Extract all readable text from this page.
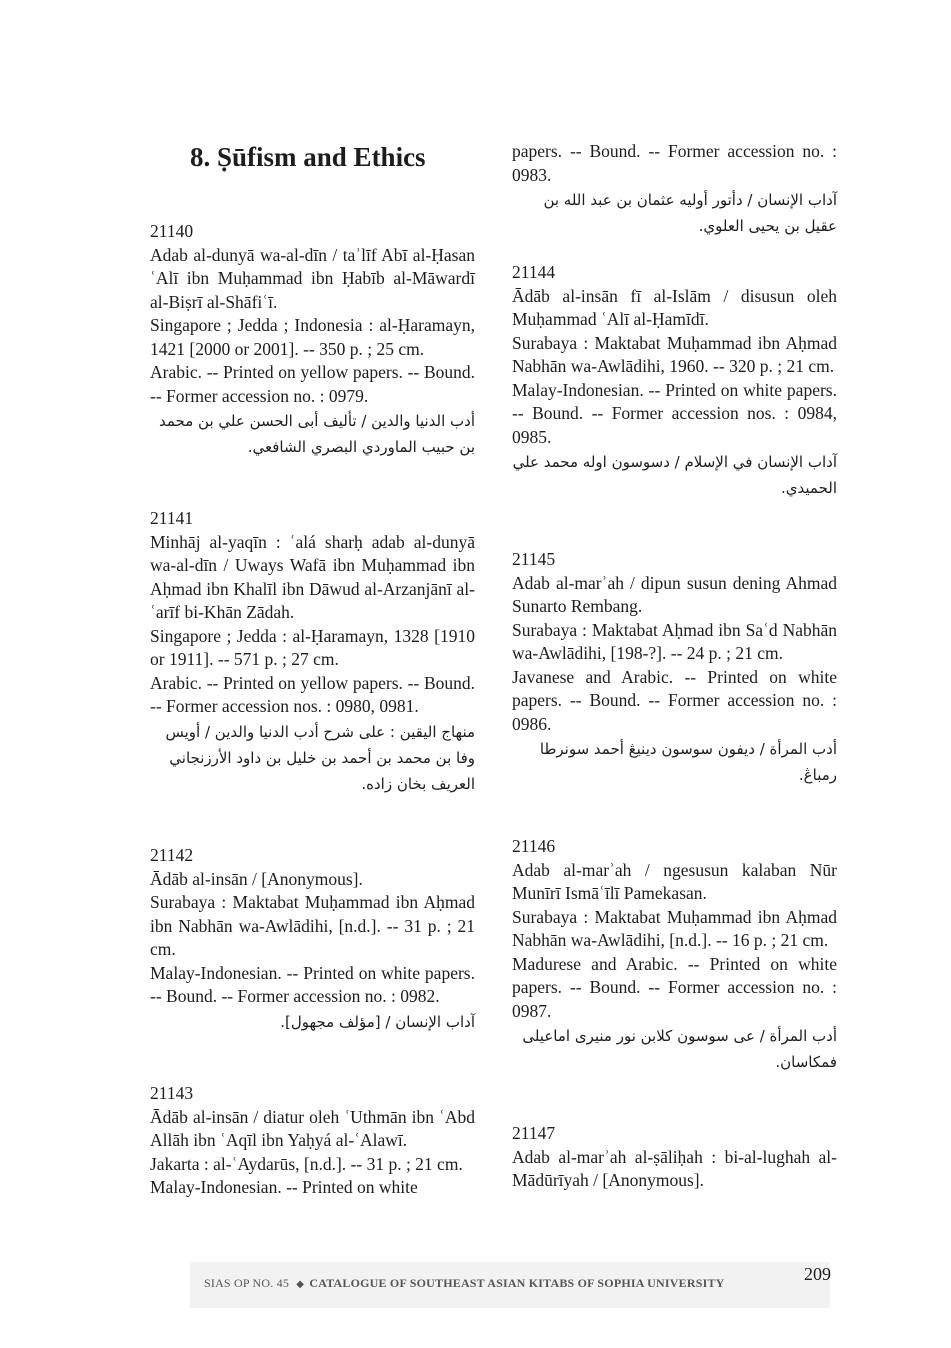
8. Ṣūfism and Ethics
21140

Adab al-dunyā wa-al-dīn / taʾlīf Abī al-Ḥasan ʿAlī ibn Muḥammad ibn Ḥabīb al-Māwardī al-Biṣrī al-Shāfiʿī.

Singapore ; Jedda ; Indonesia : al-Ḥaramayn, 1421 [2000 or 2001]. -- 350 p. ; 25 cm.

Arabic. -- Printed on yellow papers. -- Bound. -- Former accession no. : 0979.

أدب الدنيا والدين / تأليف أبى الحسن علي بن محمد بن حبيب الماوردي البصري الشافعي.

21141

Minhāj al-yaqīn : ʿalá sharḥ adab al-dunyā wa-al-dīn / Uways Wafā ibn Muḥammad ibn Aḥmad ibn Khalīl ibn Dāwud al-Arzanjānī al-ʿarīf bi-Khān Zādah.

Singapore ; Jedda : al-Ḥaramayn, 1328 [1910 or 1911]. -- 571 p. ; 27 cm.

Arabic. -- Printed on yellow papers. -- Bound. -- Former accession nos. : 0980, 0981.

منهاج اليقين : على شرح أدب الدنيا والدين / أويس وفا بن محمد بن أحمد بن خليل بن داود الأرزنجاني العريف بخان زاده.

21142

Ādāb al-insān / [Anonymous].

Surabaya : Maktabat Muḥammad ibn Aḥmad ibn Nabhān wa-Awlādihi, [n.d.]. -- 31 p. ; 21 cm.

Malay-Indonesian. -- Printed on white papers. -- Bound. -- Former accession no. : 0982.

آداب الإنسان / [مؤلف مجهول].

21143

Ādāb al-insān / diatur oleh ʿUthmān ibn ʿAbd Allāh ibn ʿAqīl ibn Yaḥyá al-ʿAlawī.

Jakarta : al-ʿAydarūs, [n.d.]. -- 31 p. ; 21 cm.

Malay-Indonesian. -- Printed on white

papers. -- Bound. -- Former accession no. : 0983.

آداب الإنسان / دأتور أوليه عثمان بن عبد الله بن عقيل بن يحيى العلوي.

21144

Ādāb al-insān fī al-Islām / disusun oleh Muḥammad ʿAlī al-Ḥamīdī.

Surabaya : Maktabat Muḥammad ibn Aḥmad Nabhān wa-Awlādihi, 1960. -- 320 p. ; 21 cm.

Malay-Indonesian. -- Printed on white papers. -- Bound. -- Former accession nos. : 0984, 0985.

آداب الإنسان في الإسلام / دسوسون اوله محمد علي الحميدي.

21145

Adab al-marʾah / dipun susun dening Ahmad Sunarto Rembang.

Surabaya : Maktabat Aḥmad ibn Saʿd Nabhān wa-Awlādihi, [198-?]. -- 24 p. ; 21 cm.

Javanese and Arabic. -- Printed on white papers. -- Bound. -- Former accession no. : 0986.

أدب المرأة / ديفون سوسون دينيڠ أحمد سونرطا رمباڠ.

21146

Adab al-marʾah / ngesusun kalaban Nūr Munīrī Ismāʿīlī Pamekasan.

Surabaya : Maktabat Muḥammad ibn Aḥmad Nabhān wa-Awlādihi, [n.d.]. -- 16 p. ; 21 cm.

Madurese and Arabic. -- Printed on white papers. -- Bound. -- Former accession no. : 0987.

أدب المرأة / عى سوسون كلابن نور منيرى اماعيلى فمكاسان.

21147

Adab al-marʾah al-ṣāliḥah : bi-al-lughah al-Mādūrīyah / [Anonymous].

SIAS OP NO. 45 ◆ CATALOGUE OF SOUTHEAST ASIAN KITABS OF SOPHIA UNIVERSITY	209
